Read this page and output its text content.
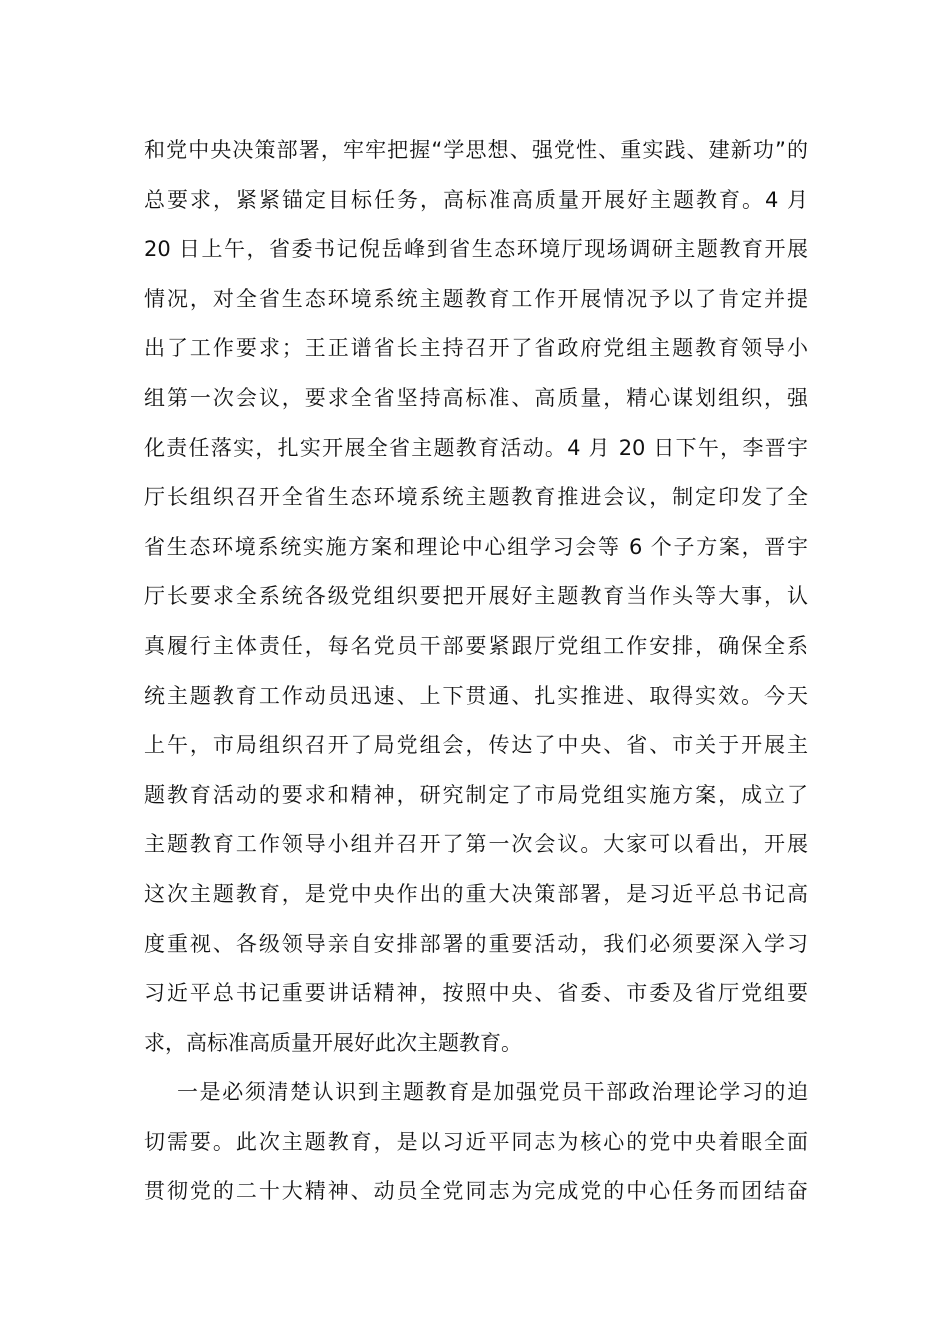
和党中央决策部署，牢牢把握“学思想、强党性、重实践、建新功”的
总要求，紧紧锚定目标任务，高标准高质量开展好主题教育。4 月
20 日上午，省委书记倪岳峰到省生态环境厅现场调研主题教育开展
情况，对全省生态环境系统主题教育工作开展情况予以了肯定并提
出了工作要求；王正谱省长主持召开了省政府党组主题教育领导小
组第一次会议，要求全省坚持高标准、高质量，精心谋划组织，强
化责任落实，扎实开展全省主题教育活动。4 月 20 日下午，李晋宇
厅长组织召开全省生态环境系统主题教育推进会议，制定印发了全
省生态环境系统实施方案和理论中心组学习会等 6 个子方案，晋宇
厅长要求全系统各级党组织要把开展好主题教育当作头等大事，认
真履行主体责任，每名党员干部要紧跟厅党组工作安排，确保全系
统主题教育工作动员迅速、上下贯通、扎实推进、取得实效。今天
上午，市局组织召开了局党组会，传达了中央、省、市关于开展主
题教育活动的要求和精神，研究制定了市局党组实施方案，成立了
主题教育工作领导小组并召开了第一次会议。大家可以看出，开展
这次主题教育，是党中央作出的重大决策部署，是习近平总书记高
度重视、各级领导亲自安排部署的重要活动，我们必须要深入学习
习近平总书记重要讲话精神，按照中央、省委、市委及省厅党组要
求，高标准高质量开展好此次主题教育。
一是必须清楚认识到主题教育是加强党员干部政治理论学习的迫
切需要。此次主题教育，是以习近平同志为核心的党中央着眼全面
贯彻党的二十大精神、动员全党同志为完成党的中心任务而团结奋
